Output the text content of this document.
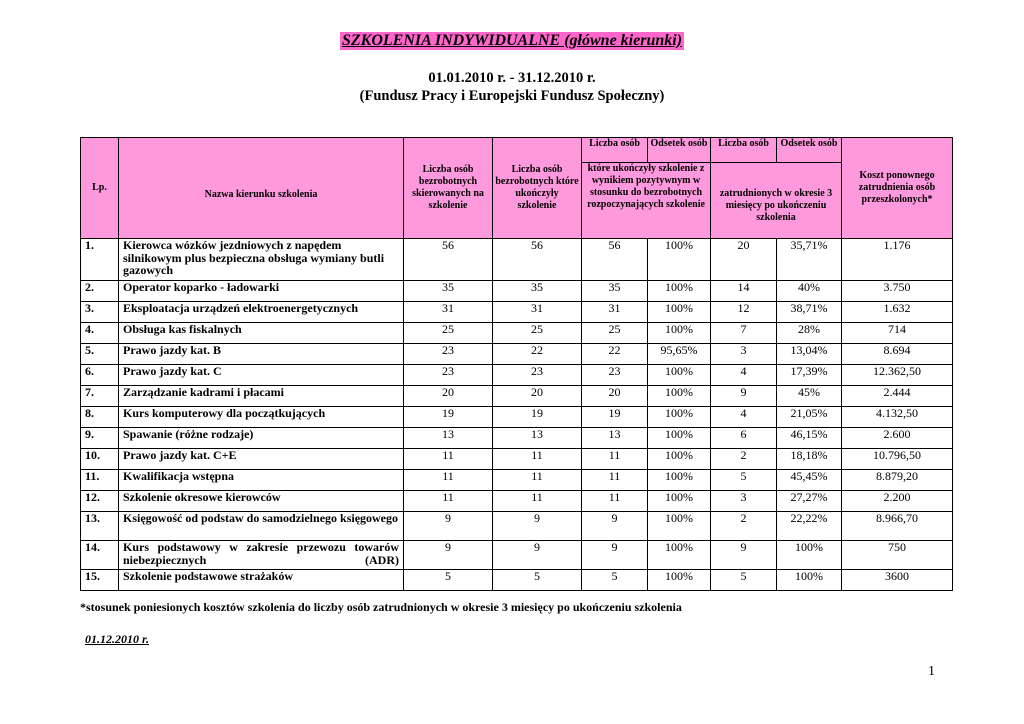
SZKOLENIA INDYWIDUALNE (główne kierunki)
01.01.2010 r. - 31.12.2010 r.
(Fundusz Pracy i Europejski Fundusz Społeczny)
Lp.	Nazwa kierunku szkolenia	Liczba osób bezrobotnych skierowanych na szkolenie	Liczba osób bezrobotnych które ukończyły szkolenie	Liczba osób	Odsetek osób	Liczba osób	Odsetek osób	Koszt ponownego zatrudnienia osób przeszkolonych*
				które ukończyły szkolenie z wynikiem pozytywnym w stosunku do bezrobotnych rozpoczynających szkolenie		zatrudnionych w okresie 3 miesięcy po ukończeniu szkolenia		
1.	Kierowca wózków jezdniowych z napędem silnikowym plus bezpieczna obsługa wymiany butli gazowych	56	56	56	100%	20	35,71%	1.176
2.	Operator koparko - ładowarki	35	35	35	100%	14	40%	3.750
3.	Eksploatacja urządzeń elektroenergetycznych	31	31	31	100%	12	38,71%	1.632
4.	Obsługa kas fiskalnych	25	25	25	100%	7	28%	714
5.	Prawo jazdy kat. B	23	22	22	95,65%	3	13,04%	8.694
6.	Prawo jazdy kat. C	23	23	23	100%	4	17,39%	12.362,50
7.	Zarządzanie kadrami i płacami	20	20	20	100%	9	45%	2.444
8.	Kurs komputerowy dla początkujących	19	19	19	100%	4	21,05%	4.132,50
9.	Spawanie (różne rodzaje)	13	13	13	100%	6	46,15%	2.600
10.	Prawo jazdy kat. C+E	11	11	11	100%	2	18,18%	10.796,50
11.	Kwalifikacja wstępna	11	11	11	100%	5	45,45%	8.879,20
12.	Szkolenie okresowe kierowców	11	11	11	100%	3	27,27%	2.200
13.	Księgowość od podstaw do samodzielnego księgowego	9	9	9	100%	2	22,22%	8.966,70
14.	Kurs podstawowy w zakresie przewozu towarów niebezpiecznych (ADR)	9	9	9	100%	9	100%	750
15.	Szkolenie podstawowe strażaków	5	5	5	100%	5	100%	3600
*stosunek poniesionych kosztów szkolenia do liczby osób zatrudnionych w okresie 3 miesięcy po ukończeniu szkolenia
01.12.2010 r.
1
